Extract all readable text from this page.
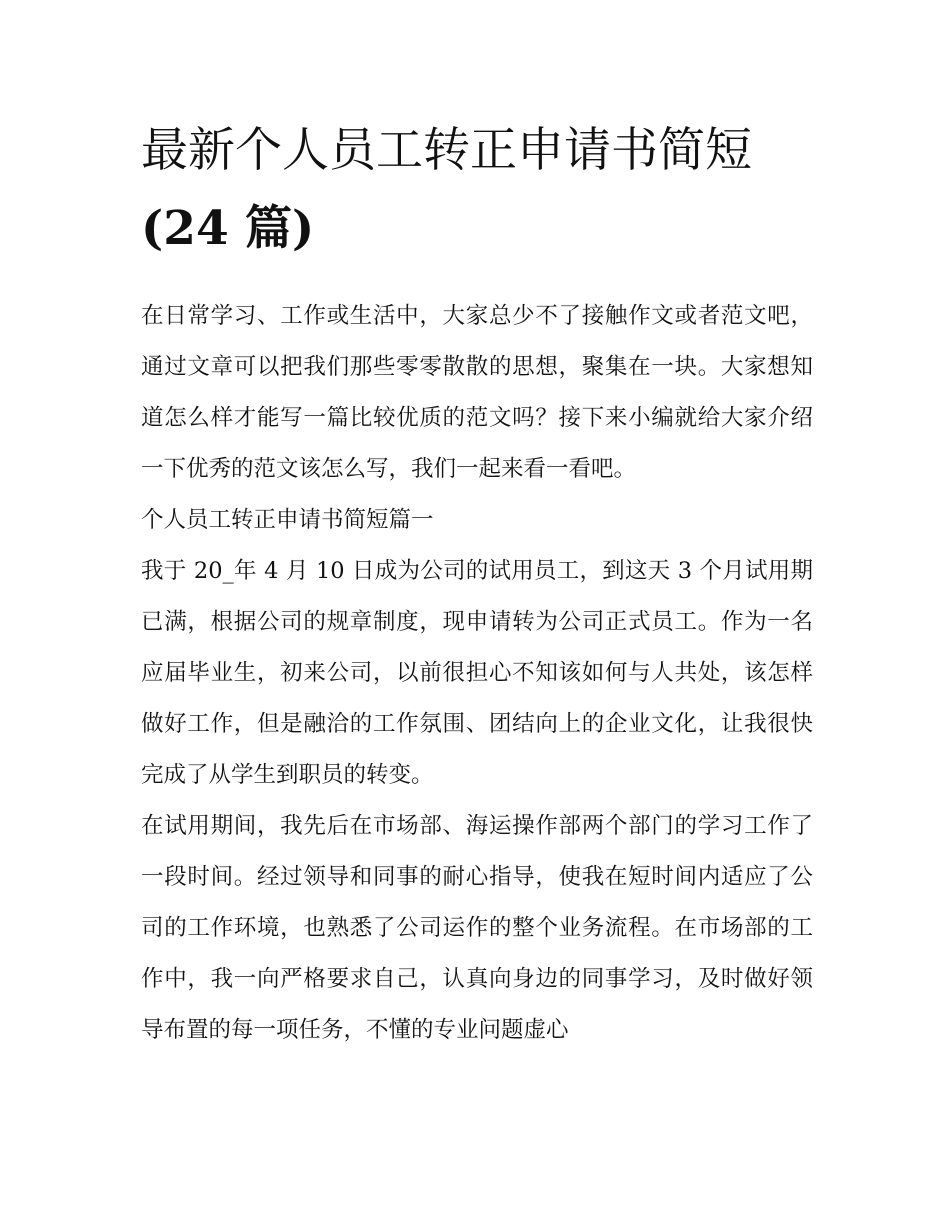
最新个人员工转正申请书简短
(24 篇)

在日常学习、工作或生活中，大家总少不了接触作文或者范文吧，通过文章可以把我们那些零零散散的思想，聚集在一块。大家想知道怎么样才能写一篇比较优质的范文吗？接下来小编就给大家介绍一下优秀的范文该怎么写，我们一起来看一看吧。

个人员工转正申请书简短篇一

我于 20_年 4 月 10 日成为公司的试用员工，到这天 3 个月试用期已满，根据公司的规章制度，现申请转为公司正式员工。作为一名应届毕业生，初来公司，以前很担心不知该如何与人共处，该怎样做好工作，但是融洽的工作氛围、团结向上的企业文化，让我很快完成了从学生到职员的转变。

在试用期间，我先后在市场部、海运操作部两个部门的学习工作了一段时间。经过领导和同事的耐心指导，使我在短时间内适应了公司的工作环境，也熟悉了公司运作的整个业务流程。在市场部的工作中，我一向严格要求自己，认真向身边的同事学习，及时做好领导布置的每一项任务，不懂的专业问题虚心
